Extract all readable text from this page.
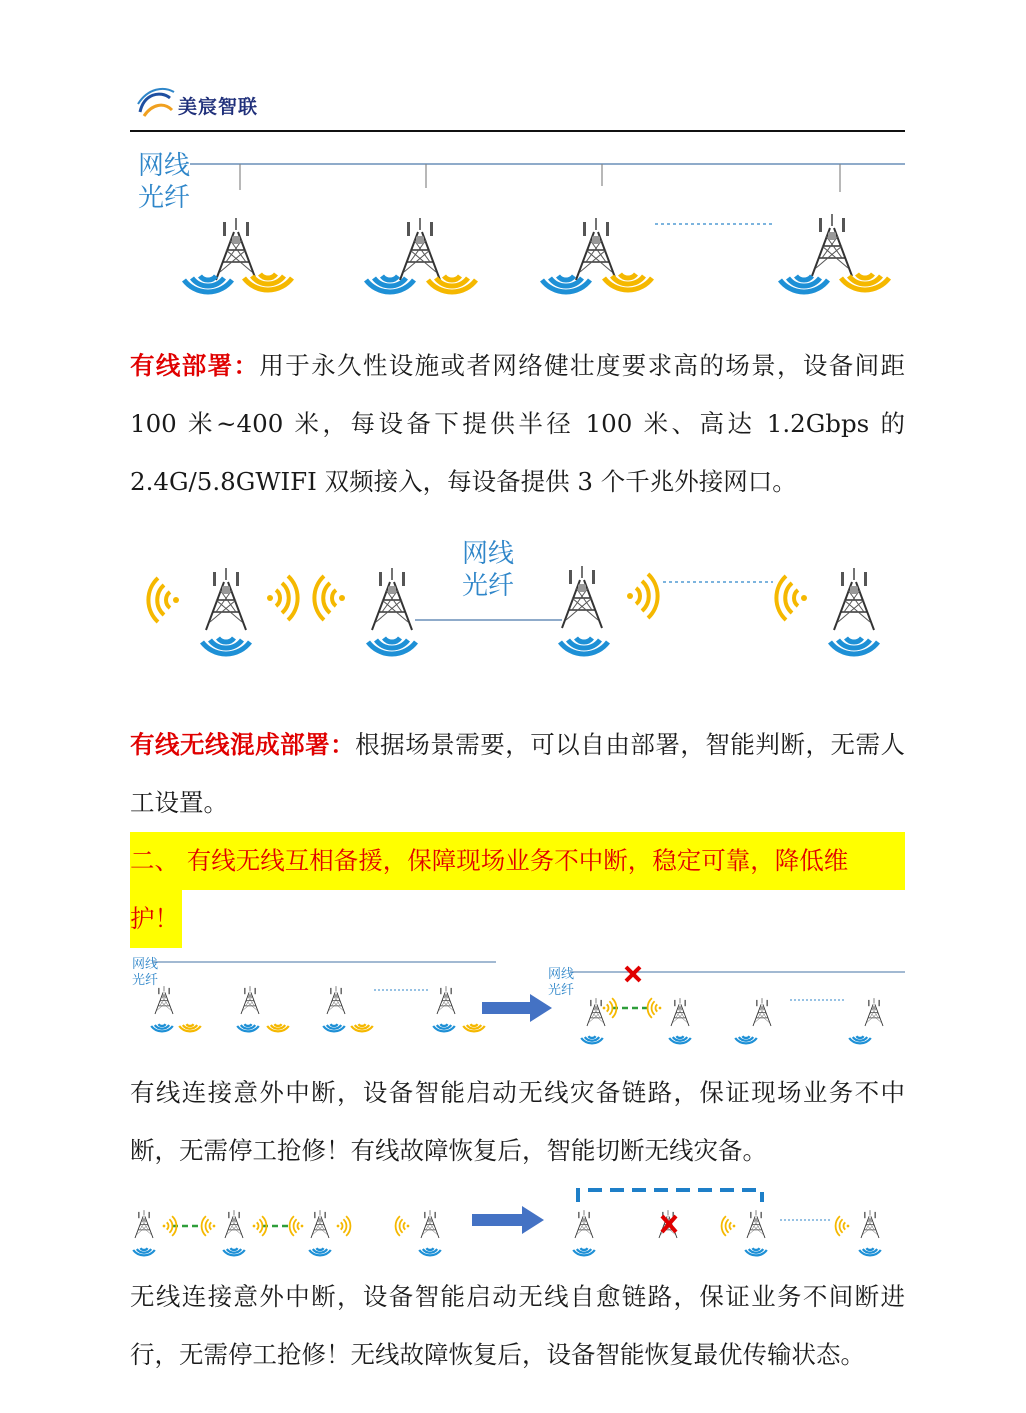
美宸智联
网线
光纤
有线部署：用于永久性设施或者网络健壮度要求高的场景，设备间距100 米~400 米，每设备下提供半径 100 米、高达 1.2Gbps 的2.4G/5.8GWIFI 双频接入，每设备提供 3 个千兆外接网口。
网线
光纤
有线无线混成部署：根据场景需要，可以自由部署，智能判断，无需人工设置。
二、 有线无线互相备援，保障现场业务不中断，稳定可靠，降低维
护！
网线
光纤	网线
光纤
有线连接意外中断，设备智能启动无线灾备链路，保证现场业务不中断，无需停工抢修！有线故障恢复后，智能切断无线灾备。
无线连接意外中断，设备智能启动无线自愈链路，保证业务不间断进行，无需停工抢修！无线故障恢复后，设备智能恢复最优传输状态。
